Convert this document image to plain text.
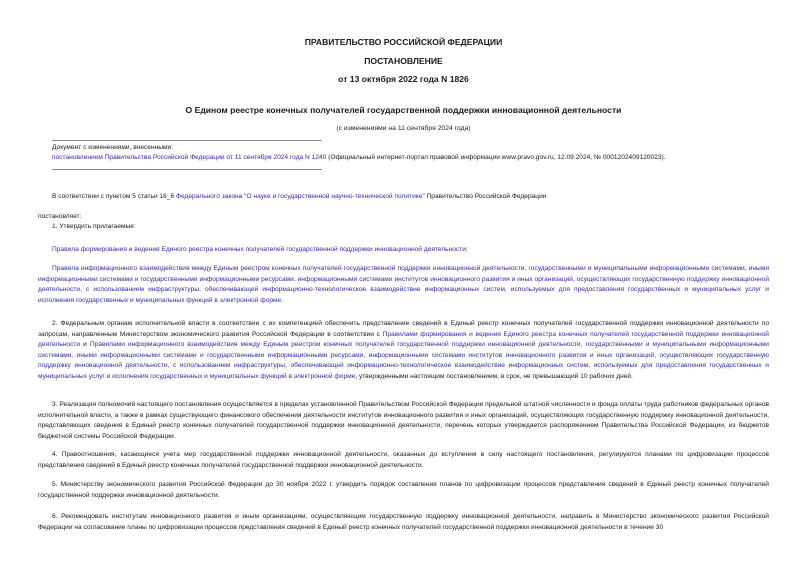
ПРАВИТЕЛЬСТВО РОССИЙСКОЙ ФЕДЕРАЦИИ
ПОСТАНОВЛЕНИЕ
от 13 октября 2022 года N 1826
О Едином реестре конечных получателей государственной поддержки инновационной деятельности
(с изменениями на 11 сентября 2024 года)
Документ с изменениями, внесенными:
постановлением Правительства Российской Федерации от 11 сентября 2024 года N 1240 (Официальный интернет-портал правовой информации www.pravo.gov.ru, 12.09.2024, № 0001202409120023).
В соответствии с пунктом 5 статьи 16_6 Федерального закона "О науке и государственной научно-технической политике" Правительство Российской Федерации
постановляет:
1. Утвердить прилагаемые:
Правила формирования и ведения Единого реестра конечных получателей государственной поддержки инновационной деятельности;
Правила информационного взаимодействия между Единым реестром конечных получателей государственной поддержки инновационной деятельности, государственными и муниципальными информационными системами, иными информационными системами и государственными информационными ресурсами, информационными системами институтов инновационного развития и иных организаций, осуществляющих государственную поддержку инновационной деятельности, с использованием инфраструктуры, обеспечивающей информационно-технологическое взаимодействие информационных систем, используемых для предоставления государственных и муниципальных услуг и исполнения государственных и муниципальных функций в электронной форме.
2. Федеральным органам исполнительной власти в соответствии с их компетенцией обеспечить представление сведений в Единый реестр конечных получателей государственной поддержки инновационной деятельности по запросам, направленным Министерством экономического развития Российской Федерации в соответствии с Правилами формирования и ведения Единого реестра конечных получателей государственной поддержки инновационной деятельности и Правилами информационного взаимодействия между Единым реестром конечных получателей государственной поддержки инновационной деятельности, государственными и муниципальными информационными системами, иными информационными системами и государственными информационными ресурсами, информационными системами институтов инновационного развития и иных организаций, осуществляющих государственную поддержку инновационной деятельности, с использованием инфраструктуры, обеспечивающей информационно-технологическое взаимодействие информационных систем, используемых для предоставления государственных и муниципальных услуг и исполнения государственных и муниципальных функций в электронной форме, утвержденными настоящим постановлением, в срок, не превышающий 10 рабочих дней.
3. Реализация полномочий настоящего постановления осуществляется в пределах установленной Правительством Российской Федерации предельной штатной численности и фонда оплаты труда работников федеральных органов исполнительной власти, а также в рамках существующего финансового обеспечения деятельности институтов инновационного развития и иных организаций, осуществляющих государственную поддержку инновационной деятельности, представляющих сведения в Единый реестр конечных получателей государственной поддержки инновационной деятельности, перечень которых утверждается распоряжением Правительства Российской Федерации, из бюджетов бюджетной системы Российской Федерации.
4. Правоотношения, касающиеся учета мер государственной поддержки инновационной деятельности, оказанных до вступления в силу настоящего постановления, регулируются планами по цифровизации процессов представления сведений в Единый реестр конечных получателей государственной поддержки инновационной деятельности.
5. Министерству экономического развития Российской Федерации до 30 ноября 2022 г. утвердить порядок составления планов по цифровизации процессов представления сведений в Единый реестр конечных получателей государственной поддержки инновационной деятельности.
6. Рекомендовать институтам инновационного развития и иным организациям, осуществляющим государственную поддержку инновационной деятельности, направить в Министерство экономического развития Российской Федерации на согласование планы по цифровизации процессов представления сведений в Единый реестр конечных получателей государственной поддержки инновационной деятельности в течение 30
